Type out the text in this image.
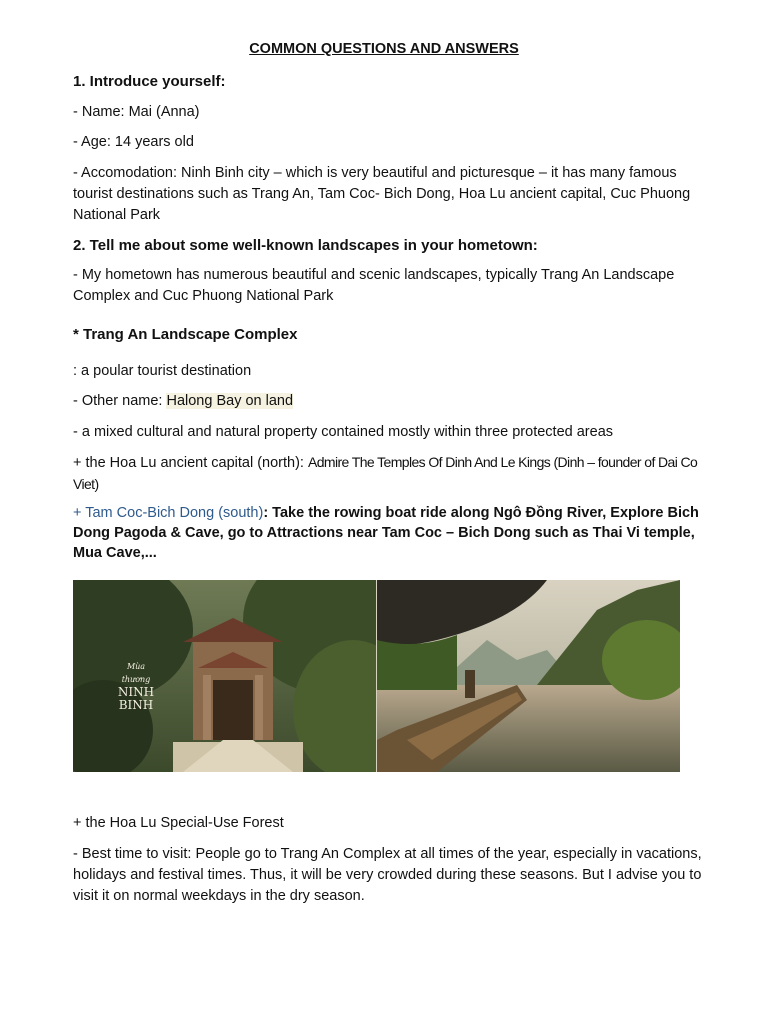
COMMON QUESTIONS AND ANSWERS

1. Introduce yourself:

- Name: Mai (Anna)

- Age: 14 years old

- Accomodation: Ninh Binh city – which is very beautiful and picturesque – it has many famous tourist destinations such as Trang An, Tam Coc- Bich Dong, Hoa Lu ancient capital, Cuc Phuong National Park

2. Tell me about some well-known landscapes in your hometown:

- My hometown has numerous beautiful and scenic landscapes, typically Trang An Landscape Complex and Cuc Phuong National Park

* Trang An Landscape Complex

: a poular tourist destination

- Other name: Halong Bay on land

- a mixed cultural and natural property contained mostly within three protected areas

+ the Hoa Lu ancient capital (north): Admire The Temples Of Dinh And Le Kings (Dinh – founder of Dai Co Viet)

+ Tam Coc-Bich Dong (south): Take the rowing boat ride along Ngô Đồng River, Explore Bich Dong Pagoda & Cave, go to Attractions near Tam Coc – Bich Dong such as Thai Vi temple, Mua Cave,...

Mùa
thương
NINH
BINH

+ the Hoa Lu Special-Use Forest

- Best time to visit: People go to Trang An Complex at all times of the year, especially in vacations, holidays and festival times. Thus, it will be very crowded during these seasons. But I advise you to visit it on normal weekdays in the dry season.
